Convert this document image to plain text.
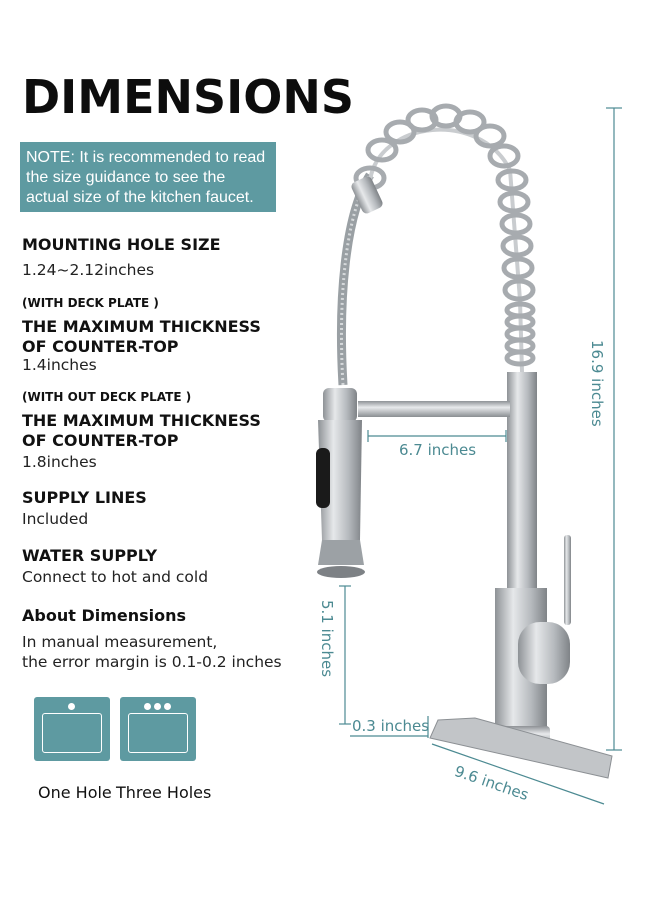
DIMENSIONS
NOTE: It is recommended to read the size guidance to see the actual size of the kitchen faucet.
MOUNTING HOLE SIZE
1.24~2.12inches
(WITH DECK PLATE )
THE MAXIMUM THICKNESS
OF COUNTER-TOP
1.4inches
(WITH OUT DECK PLATE )
THE MAXIMUM THICKNESS
OF COUNTER-TOP
1.8inches
SUPPLY LINES
Included
WATER SUPPLY
Connect to hot and cold
About Dimensions
In manual measurement,
the error margin is 0.1-0.2 inches
One Hole Three Holes
16.9 inches
6.7 inches
5.1 inches
0.3 inches
9.6 inches
